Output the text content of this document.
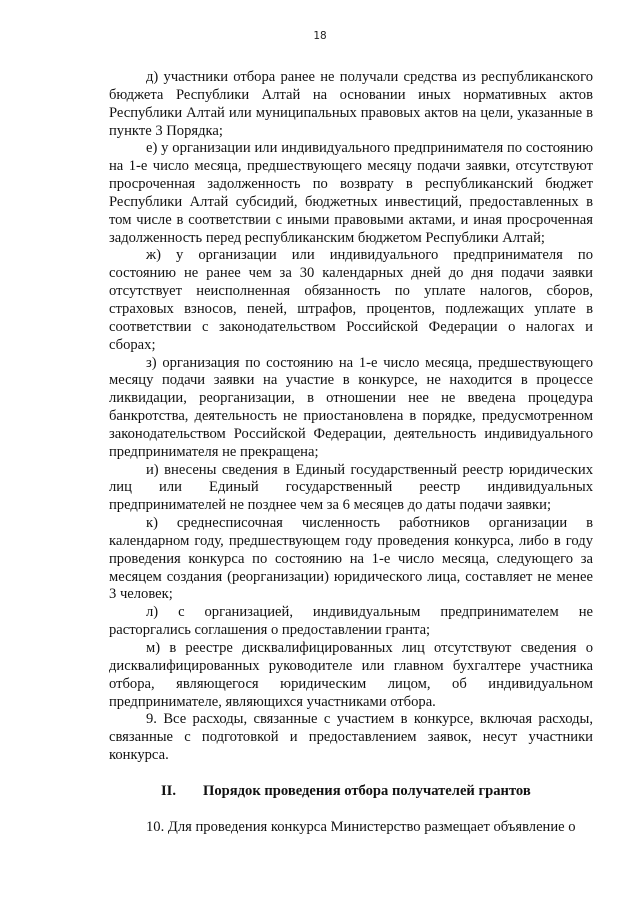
18

д) участники отбора ранее не получали средства из республиканского бюджета Республики Алтай на основании иных нормативных актов Республики Алтай или муниципальных правовых актов на цели, указанные в пункте 3 Порядка;

е) у организации или индивидуального предпринимателя по состоянию на 1-е число месяца, предшествующего месяцу подачи заявки, отсутствуют просроченная задолженность по возврату в республиканский бюджет Республики Алтай субсидий, бюджетных инвестиций, предоставленных в том числе в соответствии с иными правовыми актами, и иная просроченная задолженность перед республиканским бюджетом Республики Алтай;

ж) у организации или индивидуального предпринимателя по состоянию не ранее чем за 30 календарных дней до дня подачи заявки отсутствует неисполненная обязанность по уплате налогов, сборов, страховых взносов, пеней, штрафов, процентов, подлежащих уплате в соответствии с законодательством Российской Федерации о налогах и сборах;

з) организация по состоянию на 1-е число месяца, предшествующего месяцу подачи заявки на участие в конкурсе, не находится в процессе ликвидации, реорганизации, в отношении нее не введена процедура банкротства, деятельность не приостановлена в порядке, предусмотренном законодательством Российской Федерации, деятельность индивидуального предпринимателя не прекращена;

и) внесены сведения в Единый государственный реестр юридических лиц или Единый государственный реестр индивидуальных предпринимателей не позднее чем за 6 месяцев до даты подачи заявки;

к) среднесписочная численность работников организации в календарном году, предшествующем году проведения конкурса, либо в году проведения конкурса по состоянию на 1-е число месяца, следующего за месяцем создания (реорганизации) юридического лица, составляет не менее 3 человек;

л) с организацией, индивидуальным предпринимателем не расторгались соглашения о предоставлении гранта;

м) в реестре дисквалифицированных лиц отсутствуют сведения о дисквалифицированных руководителе или главном бухгалтере участника отбора, являющегося юридическим лицом, об индивидуальном предпринимателе, являющихся участниками отбора.

9. Все расходы, связанные с участием в конкурсе, включая расходы, связанные с подготовкой и предоставлением заявок, несут участники конкурса.

II. Порядок проведения отбора получателей грантов

10. Для проведения конкурса Министерство размещает объявление о
